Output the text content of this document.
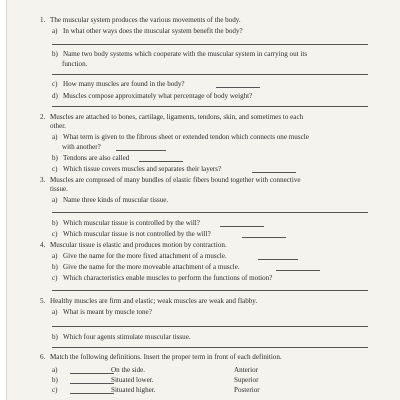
1. The muscular system produces the various movements of the body.
a) In what other ways does the muscular system benefit the body?
b) Name two body systems which cooperate with the muscular system in carrying out its
function.
c) How many muscles are found in the body?
d) Muscles compose approximately what percentage of body weight?
2. Muscles are attached to bones, cartilage, ligaments, tendons, skin, and sometimes to each
other.
a) What term is given to the fibrous sheet or extended tendon which connects one muscle
with another?
b) Tendons are also called
c) Which tissue covers muscles and separates their layers?
3. Muscles are composed of many bundles of elastic fibers bound together with connective
tissue.
a) Name three kinds of muscular tissue.
b) Which muscular tissue is controlled by the will?
c) Which muscular tissue is not controlled by the will?
4. Muscular tissue is elastic and produces motion by contraction.
a) Give the name for the more fixed attachment of a muscle.
b) Give the name for the more moveable attachment of a muscle.
c) Which characteristics enable muscles to perform the functions of motion?
5. Healthy muscles are firm and elastic; weak muscles are weak and flabby.
a) What is meant by muscle tone?
b) Which four agents stimulate muscular tissue.
6. Match the following definitions. Insert the proper term in front of each definition.
a)	On the side.	Anterior
b)	Situated lower.	Superior
c)	Situated higher.	Posterior
